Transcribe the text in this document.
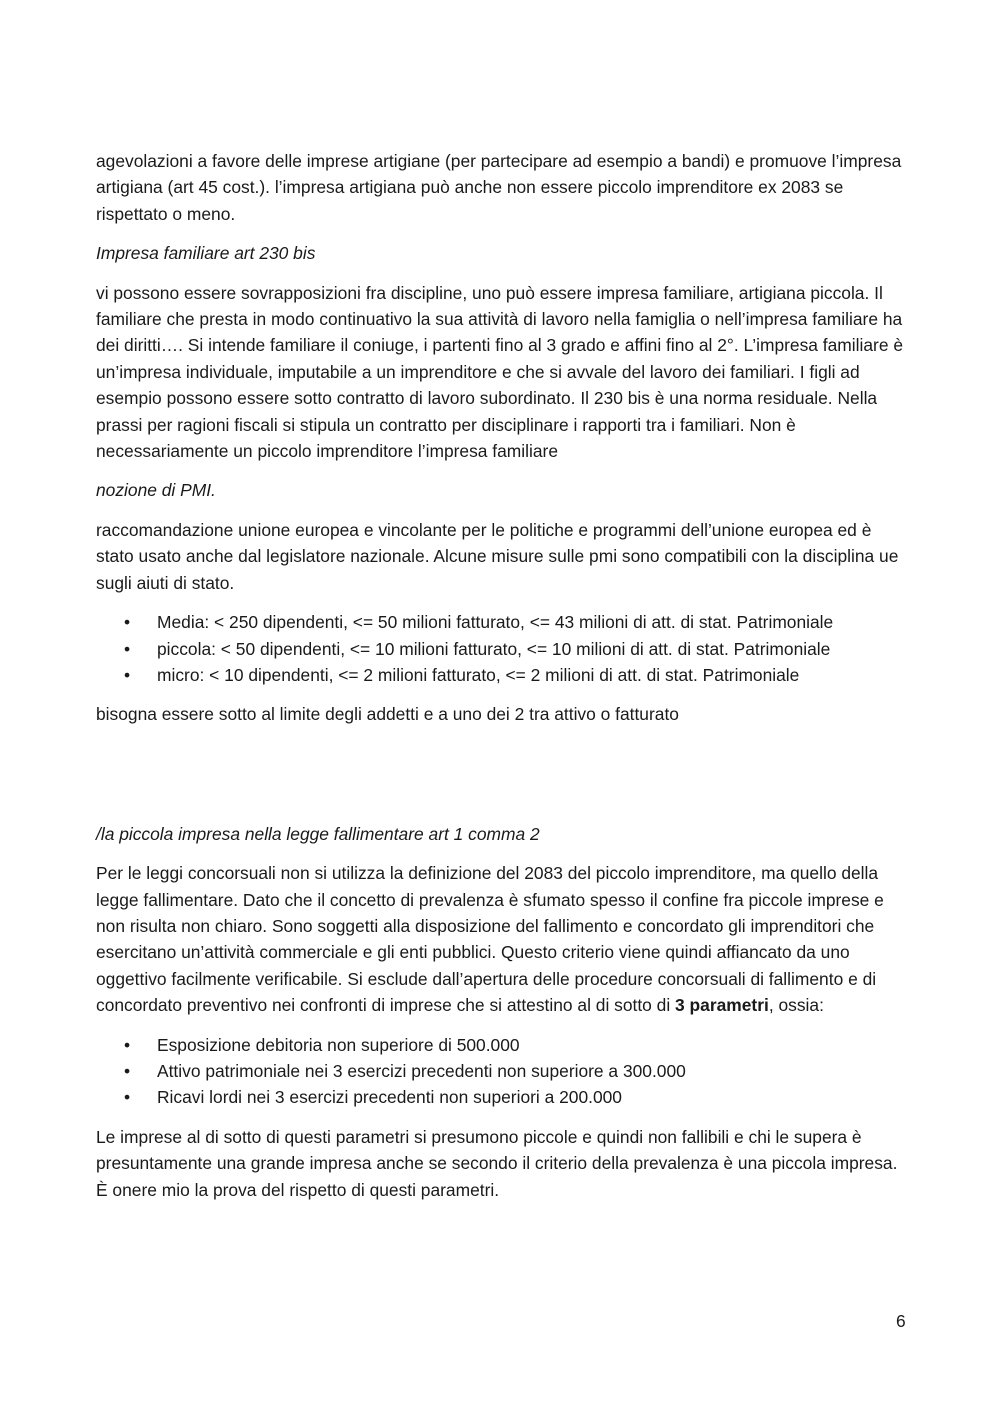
agevolazioni a favore delle imprese artigiane (per partecipare ad esempio a bandi) e promuove l’impresa artigiana (art 45 cost.). l’impresa artigiana può anche non essere piccolo imprenditore ex 2083 se rispettato o meno.

Impresa familiare art 230 bis

vi possono essere sovrapposizioni fra discipline, uno può essere impresa familiare, artigiana piccola. Il familiare che presta in modo continuativo la sua attività di lavoro nella famiglia o nell’impresa familiare ha dei diritti…. Si intende familiare il coniuge, i partenti fino al 3 grado e affini fino al 2°. L’impresa familiare è un’impresa individuale, imputabile a un imprenditore e che si avvale del lavoro dei familiari. I figli ad esempio possono essere sotto contratto di lavoro subordinato. Il 230 bis è una norma residuale. Nella prassi per ragioni fiscali si stipula un contratto per disciplinare i rapporti tra i familiari. Non è necessariamente un piccolo imprenditore l’impresa familiare

nozione di PMI.

raccomandazione unione europea e vincolante per le politiche e programmi dell’unione europea ed è stato usato anche dal legislatore nazionale. Alcune misure sulle pmi sono compatibili con la disciplina ue sugli aiuti di stato.

• Media: < 250 dipendenti, <= 50 milioni fatturato, <= 43 milioni di att. di stat. Patrimoniale
• piccola: < 50 dipendenti, <= 10 milioni fatturato, <= 10 milioni di att. di stat. Patrimoniale
• micro: < 10 dipendenti, <= 2 milioni fatturato, <= 2 milioni di att. di stat. Patrimoniale

bisogna essere sotto al limite degli addetti e a uno dei 2 tra attivo o fatturato

/la piccola impresa nella legge fallimentare art 1 comma 2

Per le leggi concorsuali non si utilizza la definizione del 2083 del piccolo imprenditore, ma quello della legge fallimentare. Dato che il concetto di prevalenza è sfumato spesso il confine fra piccole imprese e non risulta non chiaro. Sono soggetti alla disposizione del fallimento e concordato gli imprenditori che esercitano un’attività commerciale e gli enti pubblici. Questo criterio viene quindi affiancato da uno oggettivo facilmente verificabile. Si esclude dall’apertura delle procedure concorsuali di fallimento e di concordato preventivo nei confronti di imprese che si attestino al di sotto di 3 parametri, ossia:

• Esposizione debitoria non superiore di 500.000
• Attivo patrimoniale nei 3 esercizi precedenti non superiore a 300.000
• Ricavi lordi nei 3 esercizi precedenti non superiori a 200.000

Le imprese al di sotto di questi parametri si presumono piccole e quindi non fallibili e chi le supera è presuntamente una grande impresa anche se secondo il criterio della prevalenza è una piccola impresa. È onere mio la prova del rispetto di questi parametri.

6
